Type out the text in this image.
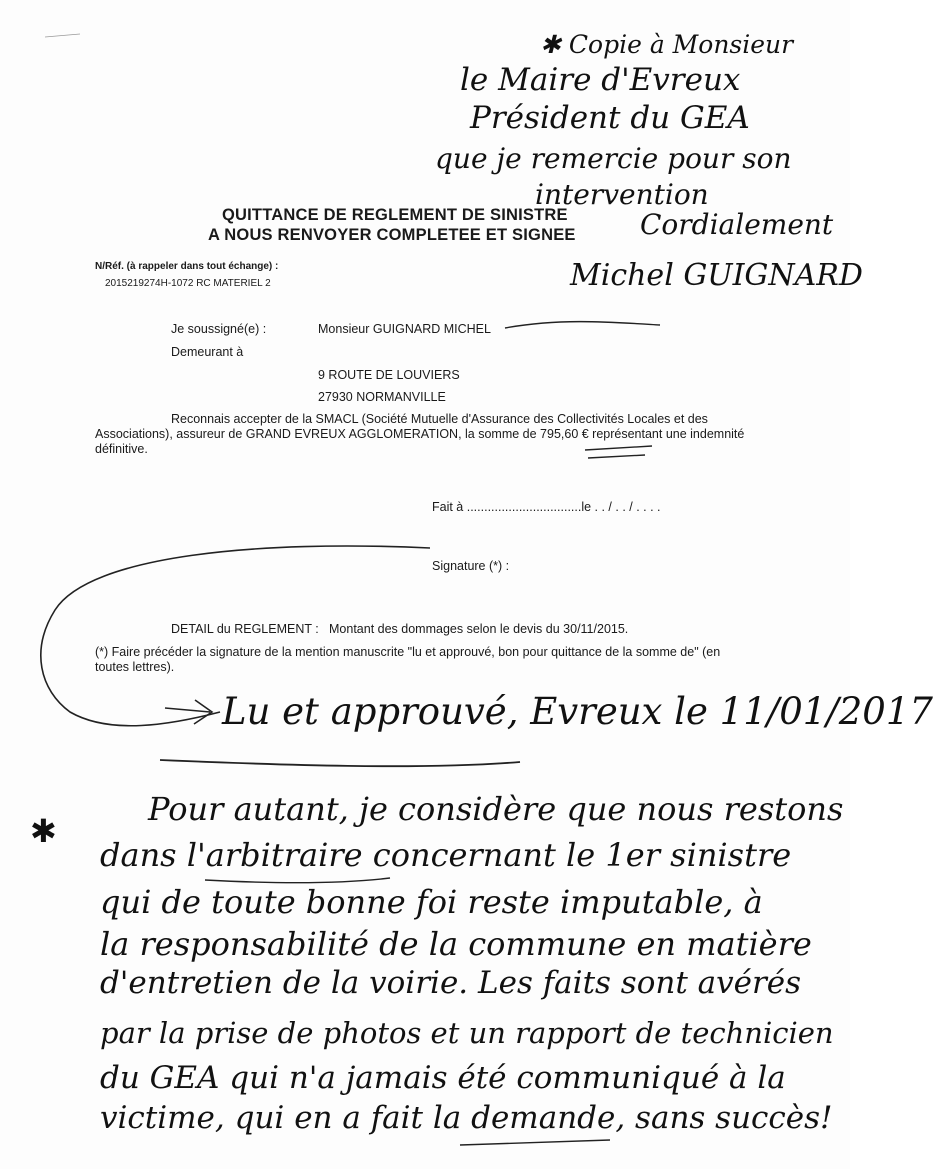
✱ Copie à Monsieur
le Maire d'Evreux
Président du GEA
que je remercie pour son
intervention
Cordialement
QUITTANCE DE REGLEMENT DE SINISTRE
A NOUS RENVOYER COMPLETEE ET SIGNEE
N/Réf. (à rappeler dans tout échange) :
2015219274H-1072 RC MATERIEL 2	Michel GUIGNARD
Je soussigné(e) :	Monsieur GUIGNARD MICHEL
Demeurant à
9 ROUTE DE LOUVIERS
27930 NORMANVILLE
Reconnais accepter de la SMACL (Société Mutuelle d'Assurance des Collectivités Locales et des Associations), assureur de GRAND EVREUX AGGLOMERATION, la somme de 795,60 € représentant une indemnité définitive.
Fait à .................................le . . / . . / . . . .
Signature (*) :
DETAIL du REGLEMENT : Montant des dommages selon le devis du 30/11/2015.
(*) Faire précéder la signature de la mention manuscrite "lu et approuvé, bon pour quittance de la somme de" (en toutes lettres).
Lu et approuvé, Evreux le 11/01/2017
✱
Pour autant, je considère que nous restons
dans l'arbitraire concernant le 1er sinistre
qui de toute bonne foi reste imputable, à
la responsabilité de la commune en matière
d'entretien de la voirie. Les faits sont avérés
par la prise de photos et un rapport de technicien
du GEA qui n'a jamais été communiqué à la
victime, qui en a fait la demande, sans succès!
